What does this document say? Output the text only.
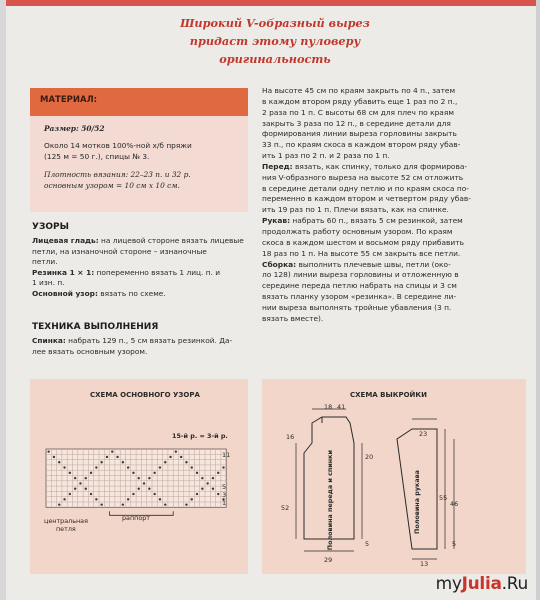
Широкий V-образный вырез
придаст этому пуловеру
оригинальность
МАТЕРИАЛ:
Размер: 50/52
Около 14 мотков 100%-ной х/б пряжи
(125 м = 50 г.), спицы № 3.
Плотность вязания: 22–23 п. и 32 р.
основным узором = 10 см х 10 см.
УЗОРЫ
Лицевая гладь: на лицевой стороне вязать лицевые
петли, на изнаночной стороне – изнаночные
петли.
Резинка 1 × 1: попеременно вязать 1 лиц. п. и
1 изн. п.
Основной узор: вязать по схеме.
ТЕХНИКА ВЫПОЛНЕНИЯ
Спинка: набрать 129 п., 5 см вязать резинкой. Да-
лее вязать основным узором.
На высоте 45 см по краям закрыть по 4 п., затем
в каждом втором ряду убавить еще 1 раз по 2 п.,
2 раза по 1 п. С высоты 68 см для плеч по краям
закрыть 3 раза по 12 п., в середине детали для
формирования линии выреза горловины закрыть
33 п., по краям скоса в каждом втором ряду убав-
ить 1 раз по 2 п. и 2 раза по 1 п.
Перед: вязать, как спинку, только для формирова-
ния V-образного выреза на высоте 52 см отложить
в середине детали одну петлю и по краям скоса по-
переменно в каждом втором и четвертом ряду убав-
ить 19 раз по 1 п. Плечи вязать, как на спинке.
Рукав: набрать 60 п., вязать 5 см резинкой, затем
продолжать работу основным узором. По краям
скоса в каждом шестом и восьмом ряду прибавить
18 раз по 1 п. На высоте 55 см закрыть все петли.
Сборка: выполнить плечевые швы, петли (око-
ло 128) линии выреза горловины и отложенную в
середине переда петлю набрать на спицы и 3 см
вязать планку узором «резинка». В середине ли-
нии выреза выполнять тройные убавления (3 п.
вязать вместе).
СХЕМА ОСНОВНОГО УЗОРА
15-й р. = 3-й р.
11
5
3
1
раппорт
центральная
петля
СХЕМА ВЫКРОЙКИ
18 41
16
52
29
20
5
Половина переда и спинки
23
55
46
5
13
Половина рукава
myJulia.Ru
